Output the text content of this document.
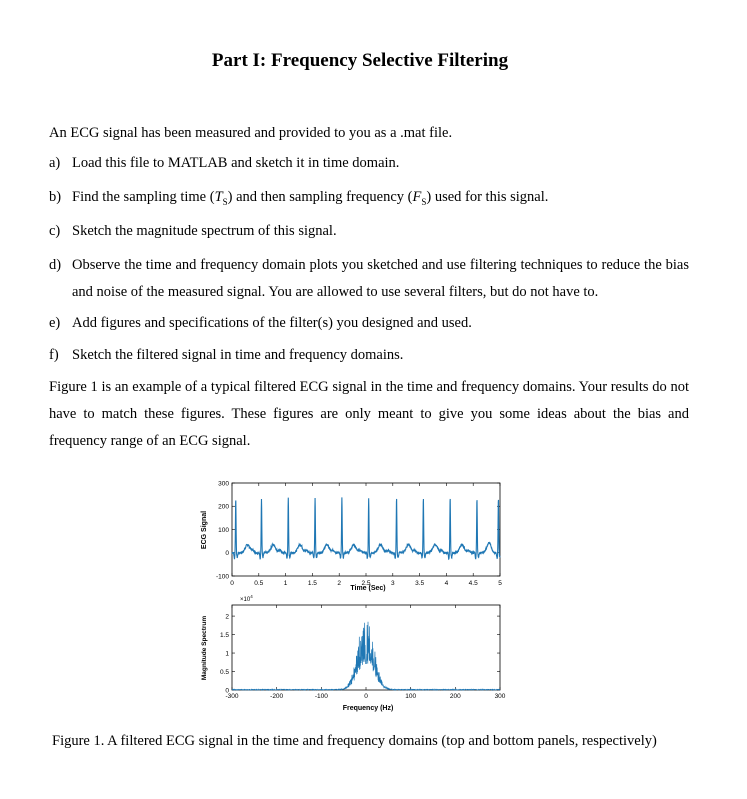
Part I: Frequency Selective Filtering
An ECG signal has been measured and provided to you as a .mat file.
a) Load this file to MATLAB and sketch it in time domain.
b) Find the sampling time $(T_S)$ and then sampling frequency $(F_S)$ used for this signal.
c) Sketch the magnitude spectrum of this signal.
d) Observe the time and frequency domain plots you sketched and use filtering techniques to reduce the bias and noise of the measured signal. You are allowed to use several filters, but do not have to.
e) Add figures and specifications of the filter(s) you designed and used.
f) Sketch the filtered signal in time and frequency domains.
Figure 1 is an example of a typical filtered ECG signal in the time and frequency domains. Your results do not have to match these figures. These figures are only meant to give you some ideas about the bias and frequency range of an ECG signal.
0	0.5	1	1.5	2	2.5	3	3.5	4	4.5	5
-100
0
100
200
300
Time (Sec)
ECG Signal
-300	-200	-100	0	100	200	300
0
0.5
1
1.5
2
$\times 10^4$
Frequency (Hz)
Magnitude Spectrum
Figure 1. A filtered ECG signal in the time and frequency domains (top and bottom panels, respectively)
